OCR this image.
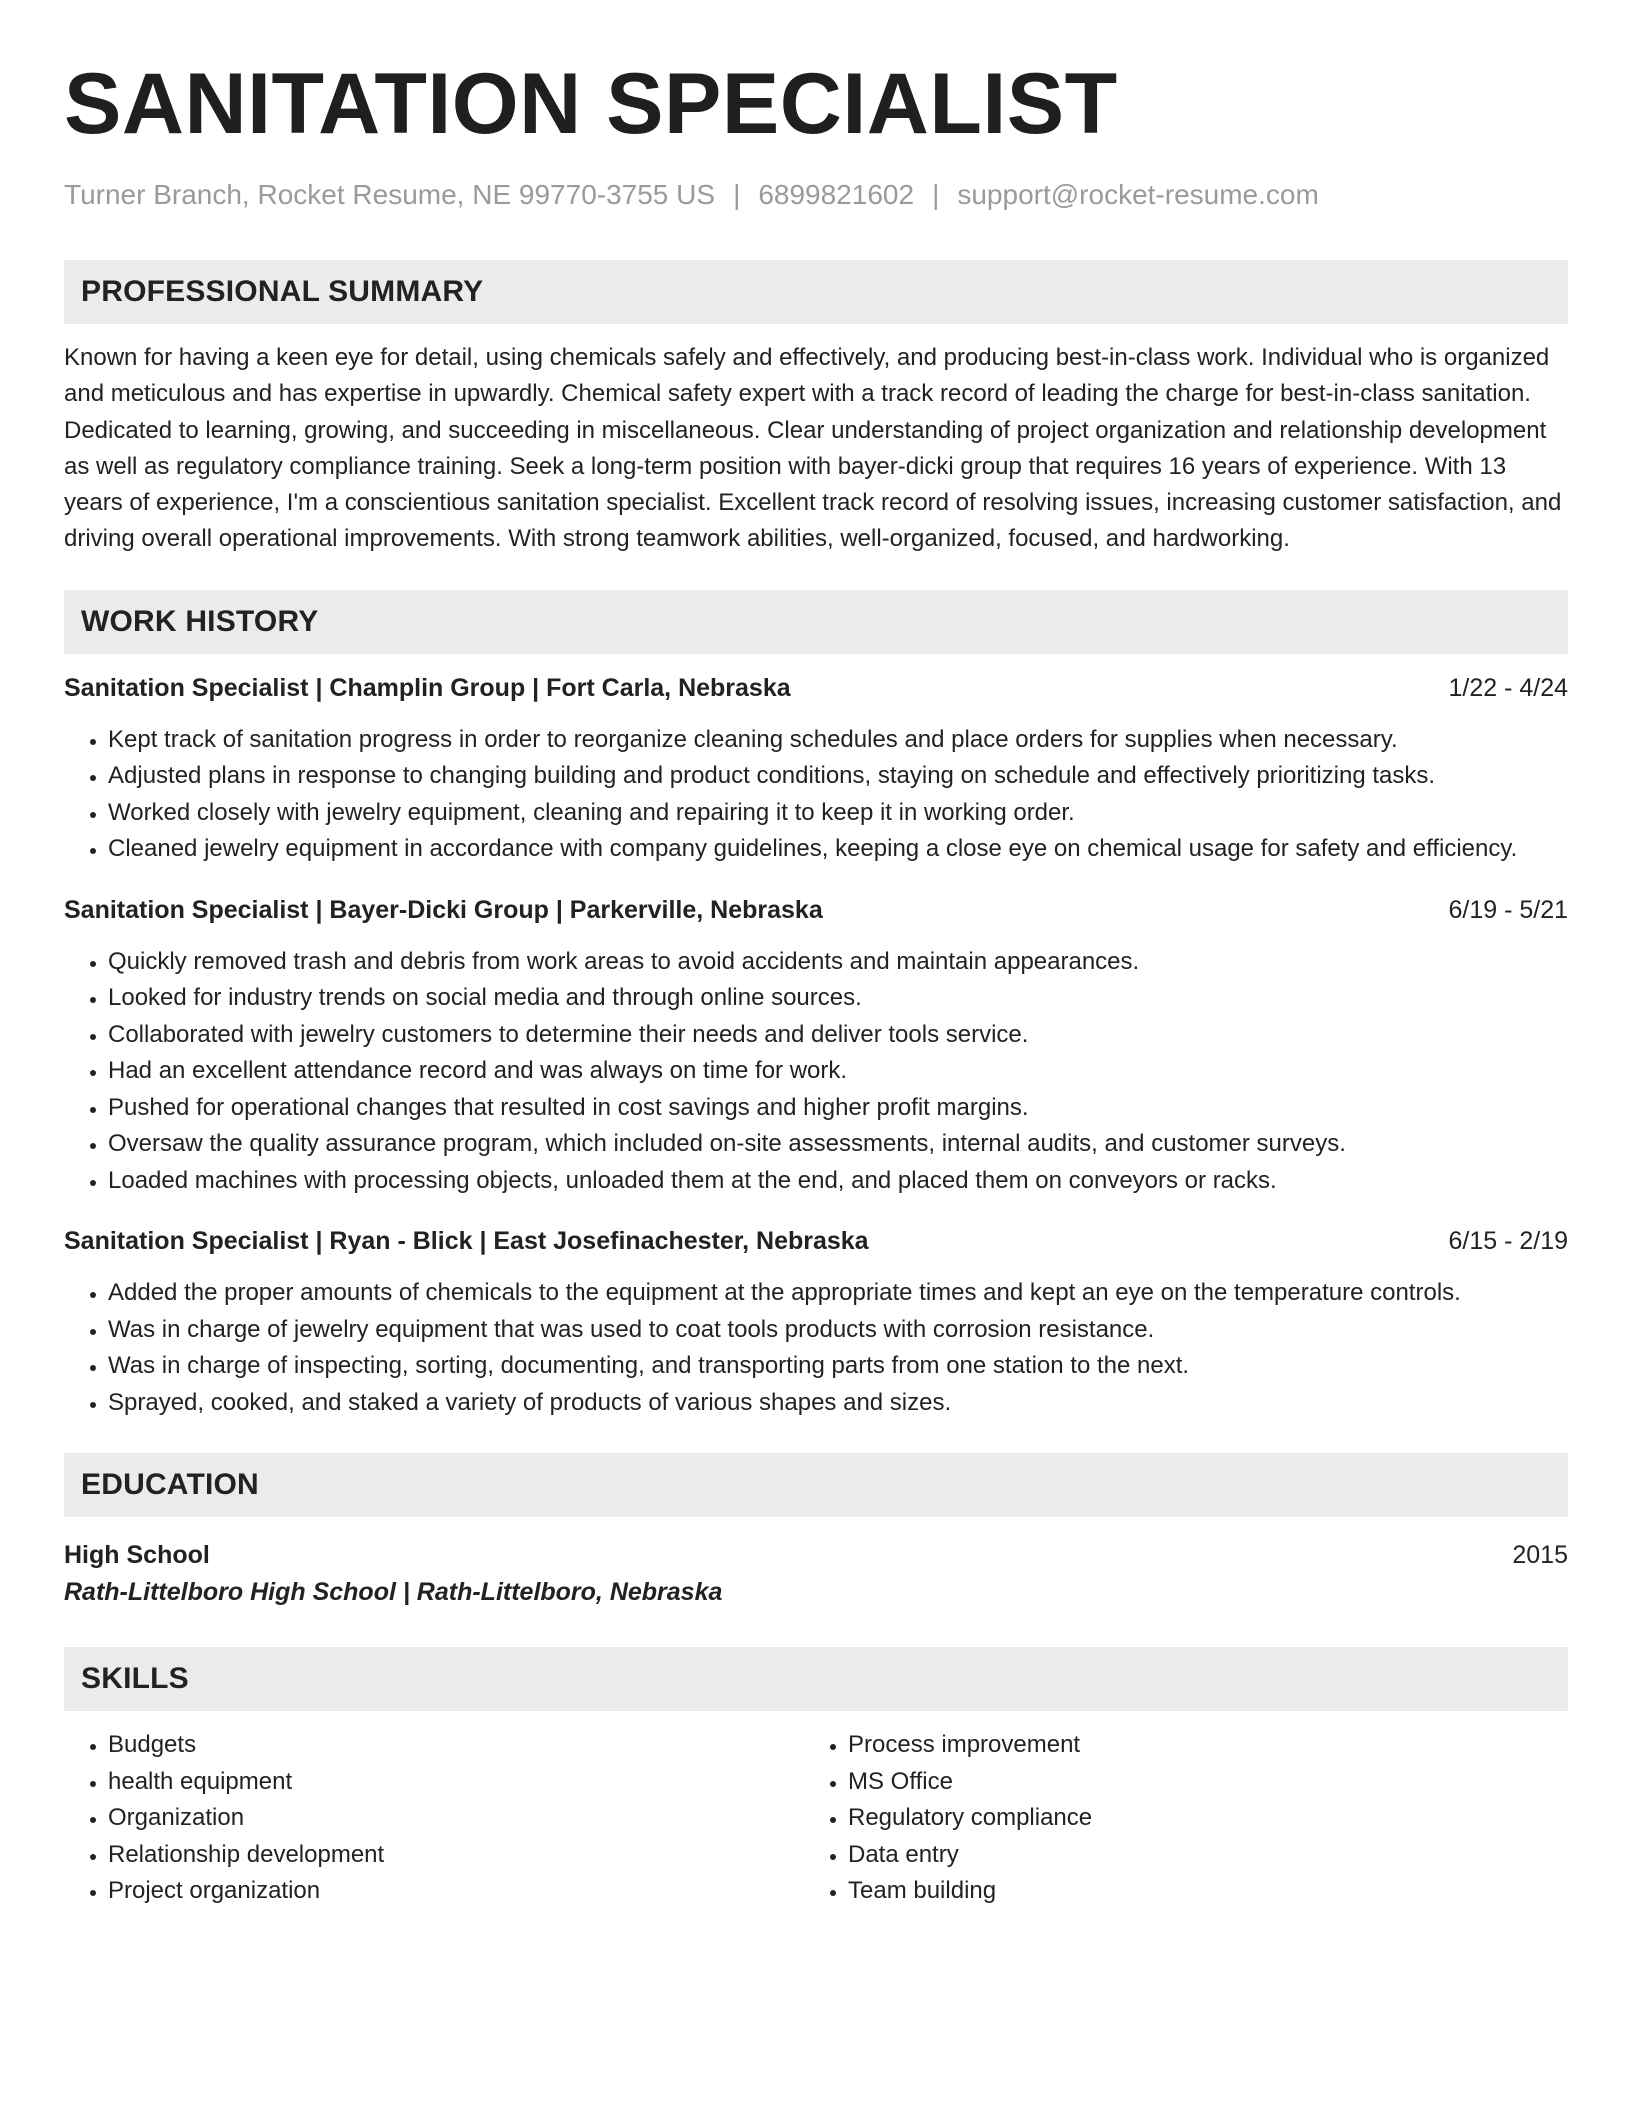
SANITATION SPECIALIST
Turner Branch, Rocket Resume, NE 99770-3755 US | 6899821602 | support@rocket-resume.com
PROFESSIONAL SUMMARY

Known for having a keen eye for detail, using chemicals safely and effectively, and producing best-in-class work. Individual who is organized and meticulous and has expertise in upwardly. Chemical safety expert with a track record of leading the charge for best-in-class sanitation. Dedicated to learning, growing, and succeeding in miscellaneous. Clear understanding of project organization and relationship development as well as regulatory compliance training. Seek a long-term position with bayer-dicki group that requires 16 years of experience. With 13 years of experience, I'm a conscientious sanitation specialist. Excellent track record of resolving issues, increasing customer satisfaction, and driving overall operational improvements. With strong teamwork abilities, well-organized, focused, and hardworking.

WORK HISTORY
Sanitation Specialist | Champlin Group | Fort Carla, Nebraska	1/22 - 4/24
• Kept track of sanitation progress in order to reorganize cleaning schedules and place orders for supplies when necessary.
• Adjusted plans in response to changing building and product conditions, staying on schedule and effectively prioritizing tasks.
• Worked closely with jewelry equipment, cleaning and repairing it to keep it in working order.
• Cleaned jewelry equipment in accordance with company guidelines, keeping a close eye on chemical usage for safety and efficiency.
Sanitation Specialist | Bayer-Dicki Group | Parkerville, Nebraska	6/19 - 5/21
• Quickly removed trash and debris from work areas to avoid accidents and maintain appearances.
• Looked for industry trends on social media and through online sources.
• Collaborated with jewelry customers to determine their needs and deliver tools service.
• Had an excellent attendance record and was always on time for work.
• Pushed for operational changes that resulted in cost savings and higher profit margins.
• Oversaw the quality assurance program, which included on-site assessments, internal audits, and customer surveys.
• Loaded machines with processing objects, unloaded them at the end, and placed them on conveyors or racks.
Sanitation Specialist | Ryan - Blick | East Josefinachester, Nebraska	6/15 - 2/19
• Added the proper amounts of chemicals to the equipment at the appropriate times and kept an eye on the temperature controls.
• Was in charge of jewelry equipment that was used to coat tools products with corrosion resistance.
• Was in charge of inspecting, sorting, documenting, and transporting parts from one station to the next.
• Sprayed, cooked, and staked a variety of products of various shapes and sizes.
EDUCATION
High School	2015
Rath-Littelboro High School | Rath-Littelboro, Nebraska
SKILLS
• Budgets
• health equipment
• Organization
• Relationship development
• Project organization
• Process improvement
• MS Office
• Regulatory compliance
• Data entry
• Team building
